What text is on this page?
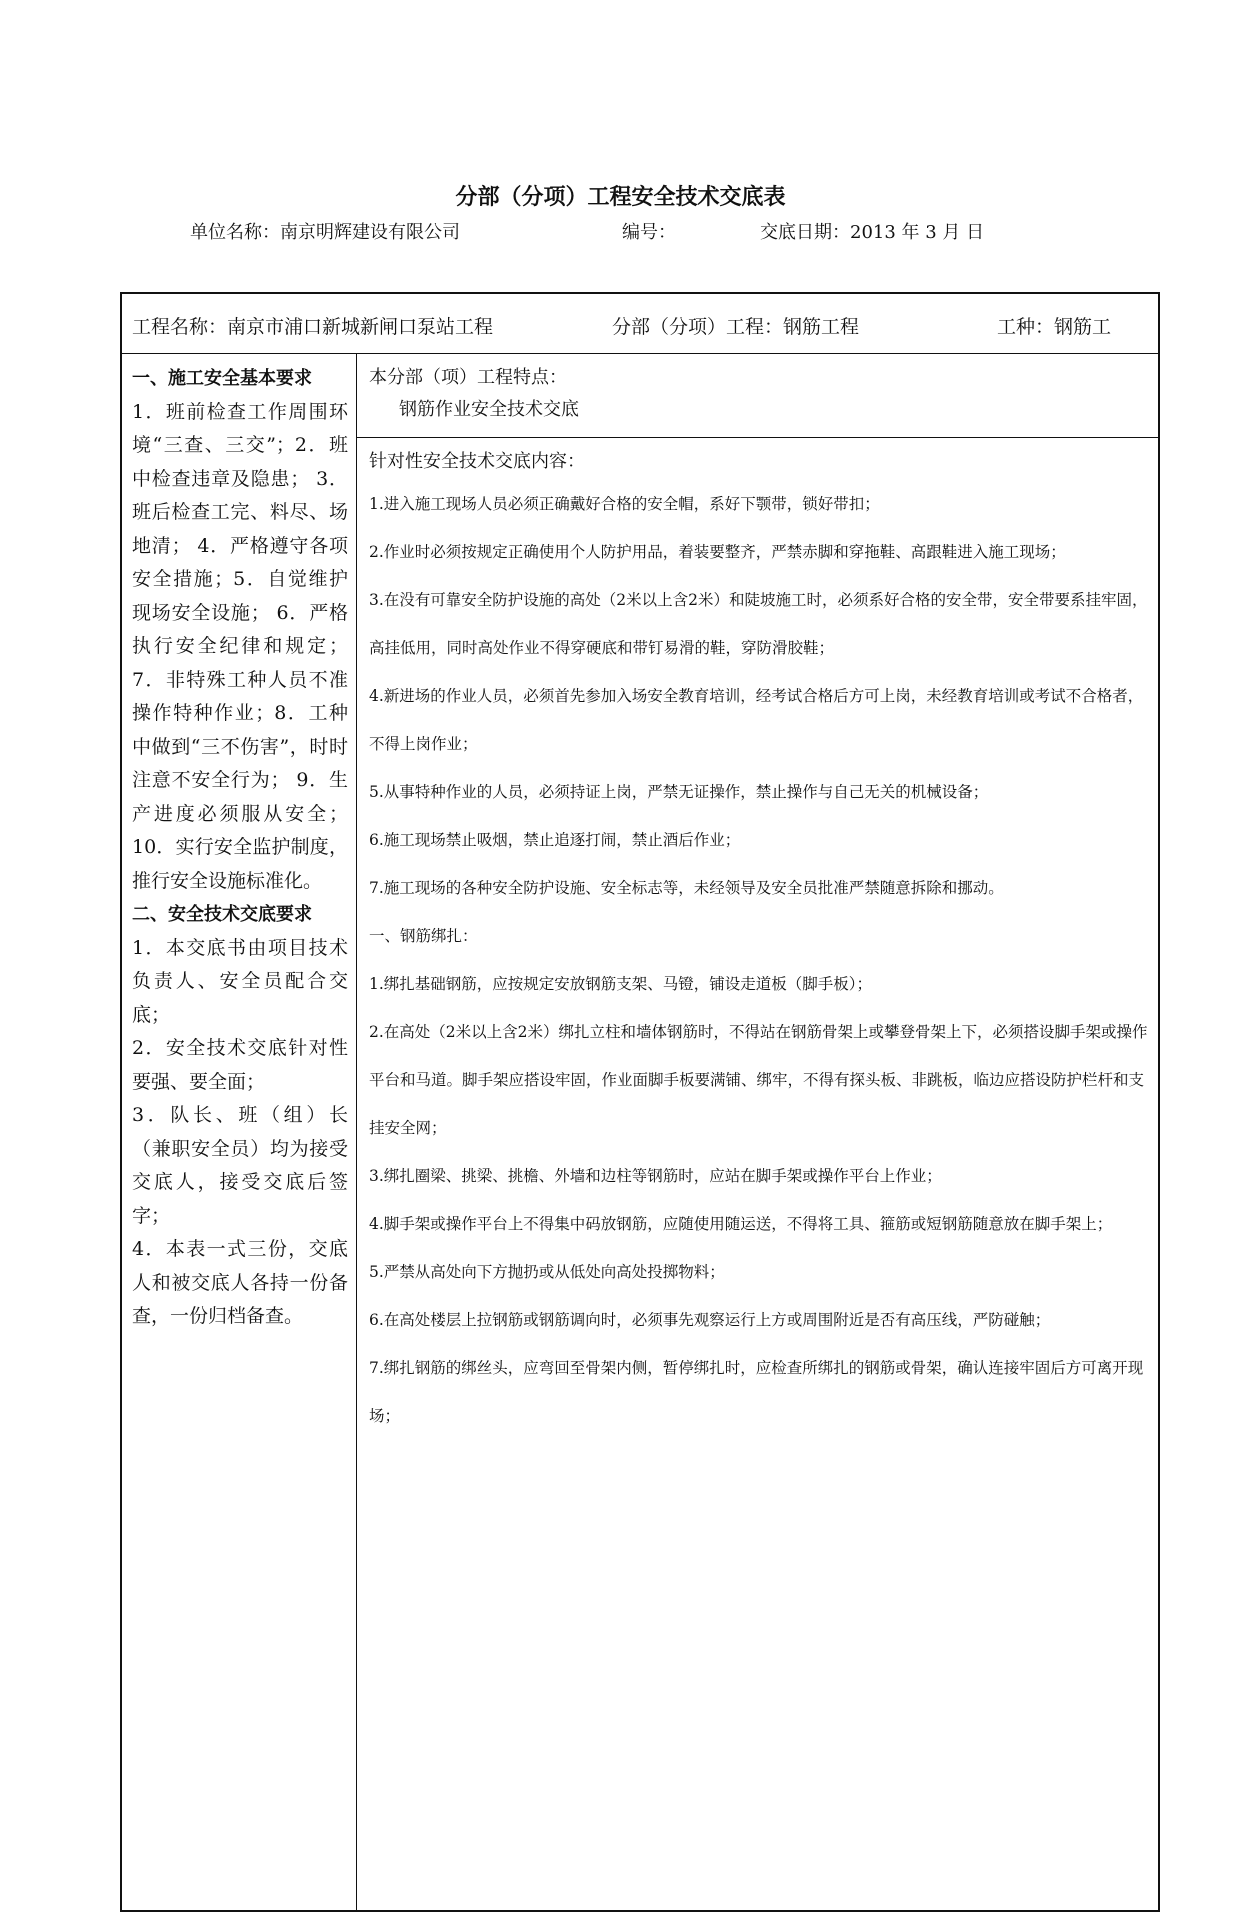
分部（分项）工程安全技术交底表
单位名称：南京明辉建设有限公司	编号：	交底日期：2013 年 3 月 日
工程名称：南京市浦口新城新闸口泵站工程	分部（分项）工程：钢筋工程	工种：钢筋工

一、施工安全基本要求

1．班前检查工作周围环境“三查、三交”；2．班中检查违章及隐患； 3．班后检查工完、料尽、场地清； 4．严格遵守各项安全措施；5．自觉维护现场安全设施； 6．严格执行安全纪律和规定； 7．非特殊工种人员不准操作特种作业；8．工种中做到“三不伤害”，时时注意不安全行为； 9．生产进度必须服从安全； 10．实行安全监护制度，推行安全设施标准化。

二、安全技术交底要求

1．本交底书由项目技术负责人、安全员配合交底；

2．安全技术交底针对性要强、要全面；

3．队长、班（组）长（兼职安全员）均为接受交底人，接受交底后签字；

4．本表一式三份，交底人和被交底人各持一份备查，一份归档备查。

本分部（项）工程特点：
钢筋作业安全技术交底
针对性安全技术交底内容：

1.进入施工现场人员必须正确戴好合格的安全帽，系好下颚带，锁好带扣；

2.作业时必须按规定正确使用个人防护用品，着装要整齐，严禁赤脚和穿拖鞋、高跟鞋进入施工现场；

3.在没有可靠安全防护设施的高处（2米以上含2米）和陡坡施工时，必须系好合格的安全带，安全带要系挂牢固，高挂低用，同时高处作业不得穿硬底和带钉易滑的鞋，穿防滑胶鞋；

4.新进场的作业人员，必须首先参加入场安全教育培训，经考试合格后方可上岗，未经教育培训或考试不合格者，不得上岗作业；

5.从事特种作业的人员，必须持证上岗，严禁无证操作，禁止操作与自己无关的机械设备；

6.施工现场禁止吸烟，禁止追逐打闹，禁止酒后作业；

7.施工现场的各种安全防护设施、安全标志等，未经领导及安全员批准严禁随意拆除和挪动。

一、钢筋绑扎：

1.绑扎基础钢筋，应按规定安放钢筋支架、马镫，铺设走道板（脚手板）；

2.在高处（2米以上含2米）绑扎立柱和墙体钢筋时，不得站在钢筋骨架上或攀登骨架上下，必须搭设脚手架或操作平台和马道。脚手架应搭设牢固，作业面脚手板要满铺、绑牢，不得有探头板、非跳板，临边应搭设防护栏杆和支挂安全网；

3.绑扎圈梁、挑梁、挑檐、外墙和边柱等钢筋时，应站在脚手架或操作平台上作业；

4.脚手架或操作平台上不得集中码放钢筋，应随使用随运送，不得将工具、箍筋或短钢筋随意放在脚手架上；

5.严禁从高处向下方抛扔或从低处向高处投掷物料；

6.在高处楼层上拉钢筋或钢筋调向时，必须事先观察运行上方或周围附近是否有高压线，严防碰触；

7.绑扎钢筋的绑丝头，应弯回至骨架内侧，暂停绑扎时，应检查所绑扎的钢筋或骨架，确认连接牢固后方可离开现场；
